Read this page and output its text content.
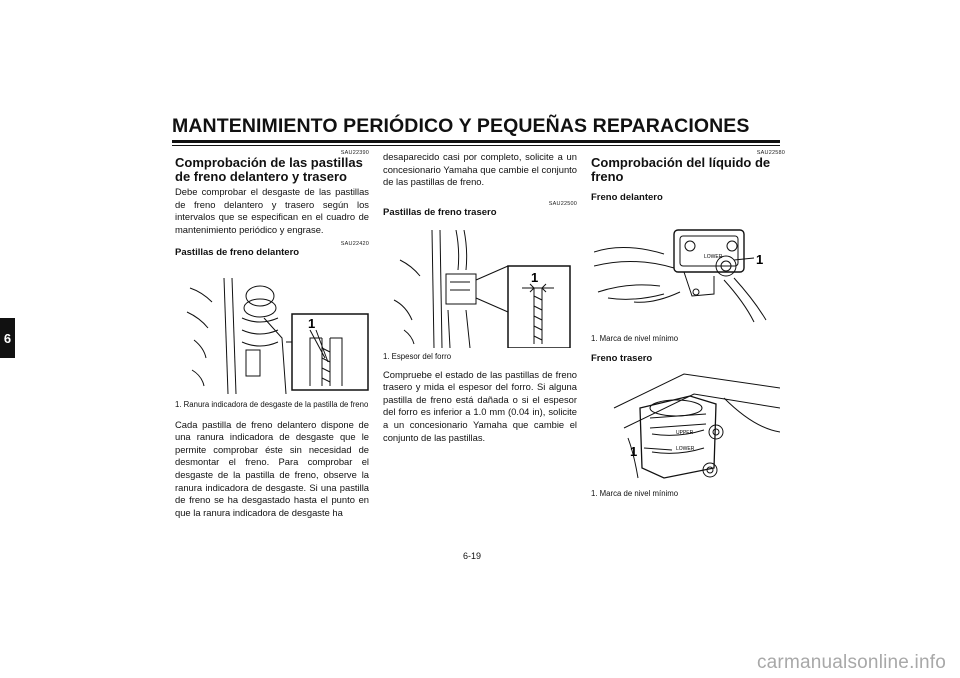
MANTENIMIENTO PERIÓDICO Y PEQUEÑAS REPARACIONES
6
SAU22390
Comprobación de las pastillas de freno delantero y trasero

Debe comprobar el desgaste de las pastillas de freno delantero y trasero según los intervalos que se especifican en el cuadro de mantenimiento periódico y engrase.

SAU22420
Pastillas de freno delantero
1

1. Ranura indicadora de desgaste de la pastilla de freno

Cada pastilla de freno delantero dispone de una ranura indicadora de desgaste que le permite comprobar éste sin necesidad de desmontar el freno. Para comprobar el desgaste de la pastilla de freno, observe la ranura indicadora de desgaste. Si una pastilla de freno se ha desgastado hasta el punto en que la ranura indicadora de desgaste ha

desaparecido casi por completo, solicite a un concesionario Yamaha que cambie el conjunto de las pastillas de freno.

SAU22500
Pastillas de freno trasero
1

1. Espesor del forro

Compruebe el estado de las pastillas de freno trasero y mida el espesor del forro. Si alguna pastilla de freno está dañada o si el espesor del forro es inferior a 1.0 mm (0.04 in), solicite a un concesionario Yamaha que cambie el conjunto de las pastillas.

SAU22580
Comprobación del líquido de freno
Freno delantero
LOWER	1

1. Marca de nivel mínimo

Freno trasero
UPPER
LOWER
1

1. Marca de nivel mínimo

6-19
carmanualsonline.info
